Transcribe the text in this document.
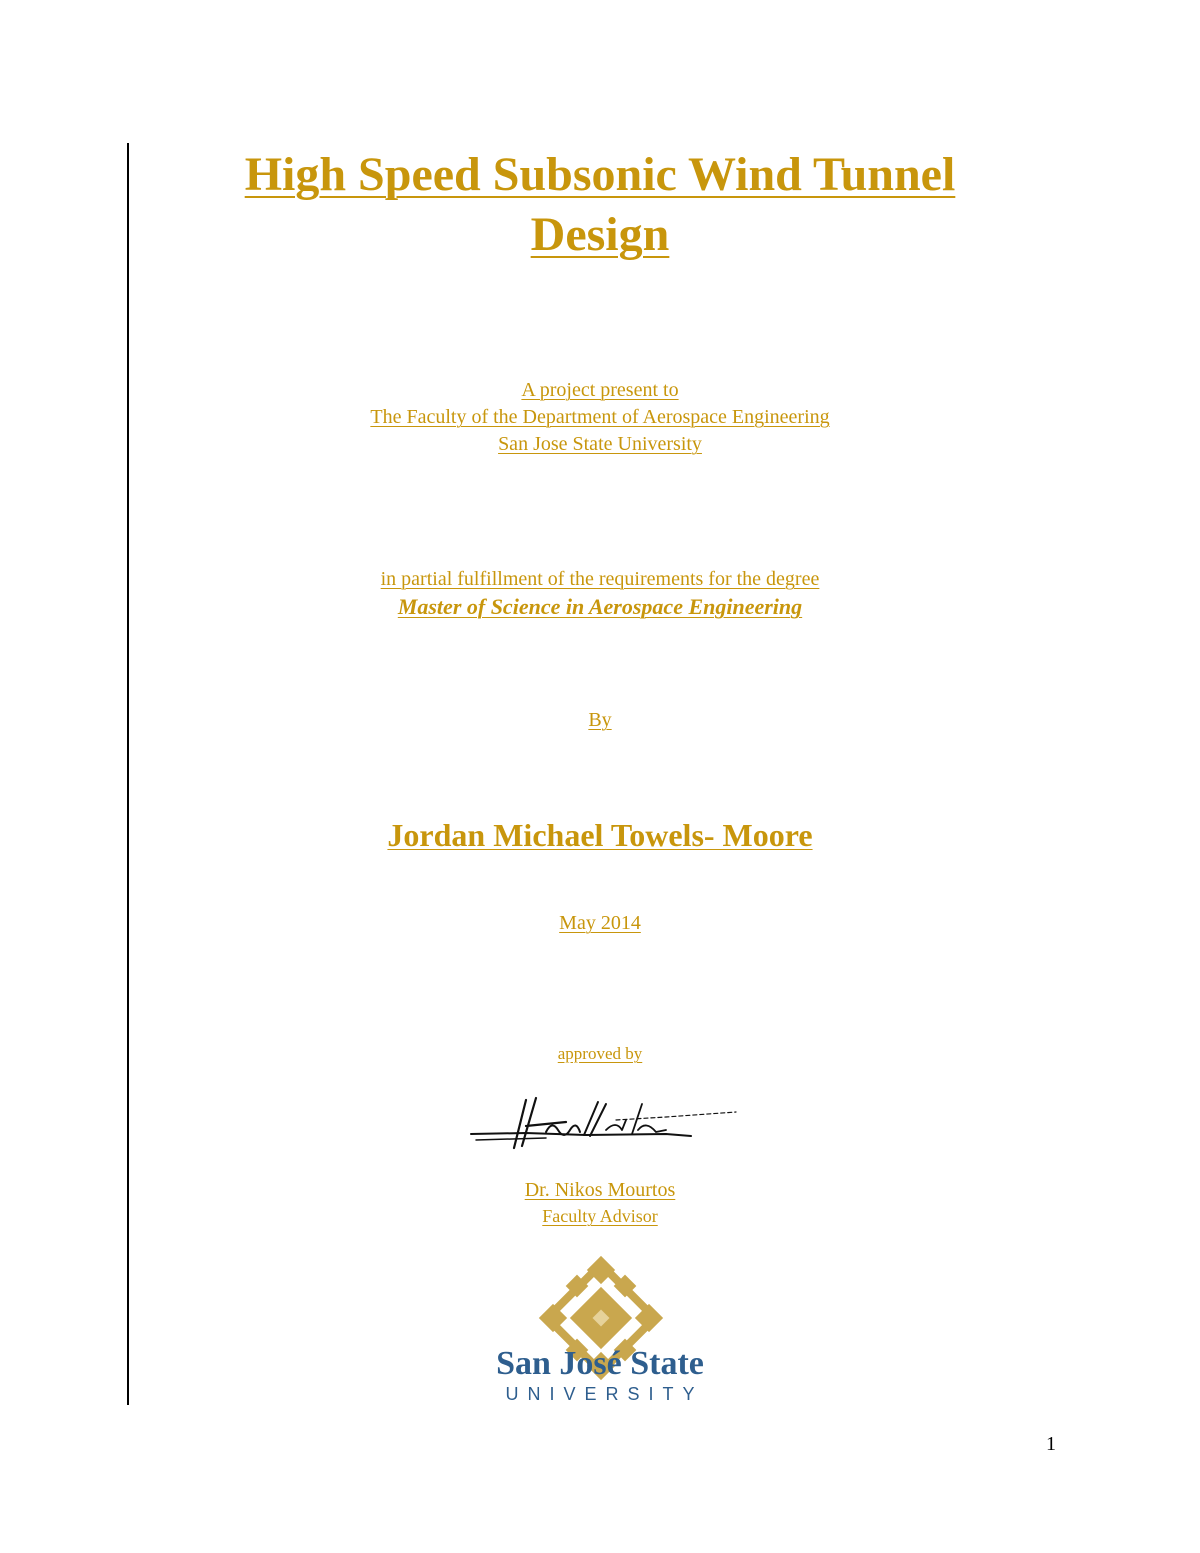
High Speed Subsonic Wind Tunnel
Design
A project present to
The Faculty of the Department of Aerospace Engineering
San Jose State University
in partial fulfillment of the requirements for the degree
Master of Science in Aerospace Engineering
By
Jordan Michael Towels- Moore
May 2014
approved by
Dr. Nikos Mourtos
Faculty Advisor
San José State
UNIVERSITY
1
